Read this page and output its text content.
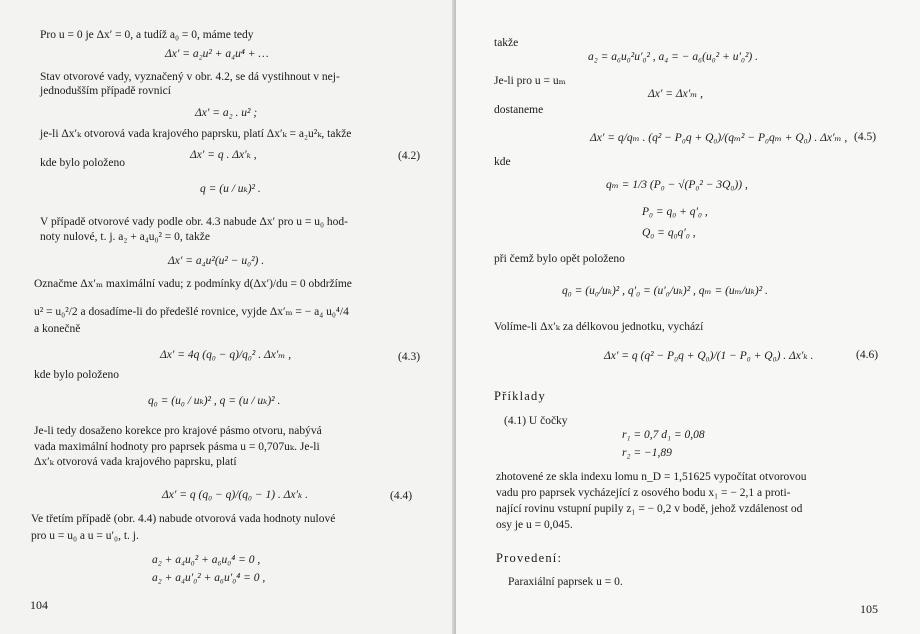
Pro u = 0 je Δx′ = 0, a tudíž a₀ = 0, máme tedy
Δx′ = a₂u² + a₄u⁴ + …
Stav otvorové vady, vyznačený v obr. 4.2, se dá vystihnout v nej-
jednodušším případě rovnicí
Δx′ = a₂ . u² ;
je-li Δx′ₖ otvorová vada krajového paprsku, platí Δx′ₖ = a₂u²ₖ, takže
Δx′ = q . Δx′ₖ ,	(4.2)
kde bylo položeno
q = (u / uₖ)² .
V případě otvorové vady podle obr. 4.3 nabude Δx′ pro u = u₀ hod-
noty nulové, t. j. a₂ + a₄u₀² = 0, takže
Δx′ = a₄u²(u² − u₀²) .
Označme Δx′ₘ maximální vadu; z podmínky d(Δx′)/du = 0 obdržíme
u² = u₀²/2 a dosadíme-li do předešlé rovnice, vyjde Δx′ₘ = − a₄ u₀⁴/4
a konečně
Δx′ = 4q (q₀ − q)/q₀² . Δx′ₘ ,	(4.3)
kde bylo položeno
q₀ = (u₀ / uₖ)² , q = (u / uₖ)² .
Je-li tedy dosaženo korekce pro krajové pásmo otvoru, nabývá
vada maximální hodnoty pro paprsek pásma u = 0,707uₖ. Je-li
Δx′ₖ otvorová vada krajového paprsku, platí
Δx′ = q (q₀ − q)/(q₀ − 1) . Δx′ₖ .	(4.4)
Ve třetím případě (obr. 4.4) nabude otvorová vada hodnoty nulové
pro u = u₀ a u = u′₀, t. j.
a₂ + a₄u₀² + a₆u₀⁴ = 0 ,
a₂ + a₄u′₀² + a₆u′₀⁴ = 0 ,
104
takže
a₂ = a₆u₀²u′₀² , a₄ = − a₆(u₀² + u′₀²) .
Je-li pro u = uₘ
Δx′ = Δx′ₘ ,
dostaneme
Δx′ = q/qₘ . (q² − P₀q + Q₀)/(qₘ² − P₀qₘ + Q₀) . Δx′ₘ , (4.5)
kde
qₘ = 1/3 (P₀ − √(P₀² − 3Q₀)) ,
P₀ = q₀ + q′₀ ,
Q₀ = q₀q′₀ ,
při čemž bylo opět položeno
q₀ = (u₀/uₖ)² , q′₀ = (u′₀/uₖ)² , qₘ = (uₘ/uₖ)² .
Volíme-li Δx′ₖ za délkovou jednotku, vychází
Δx′ = q (q² − P₀q + Q₀)/(1 − P₀ + Q₀) . Δx′ₖ .	(4.6)
Příklady
(4.1) U čočky
r₁ = 0,7 d₁ = 0,08
r₂ = −1,89
zhotovené ze skla indexu lomu n_D = 1,51625 vypočítat otvorovou
vadu pro paprsek vycházející z osového bodu x₁ = − 2,1 a proti-
nající rovinu vstupní pupily z₁ = − 0,2 v bodě, jehož vzdálenost od
osy je u = 0,045.
Provedení:
Paraxiální paprsek u = 0.
105
